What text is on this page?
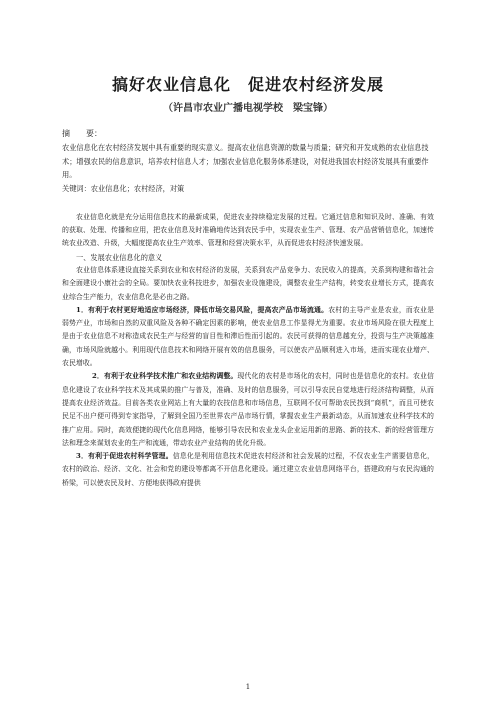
搞好农业信息化　促进农村经济发展
（许昌市农业广播电视学校　梁宝锋）
摘　　要：

农业信息化在农村经济发展中具有重要的现实意义。提高农业信息资源的数量与质量；研究和开发成熟的农业信息技术；增强农民的信息意识，培养农村信息人才；加强农业信息化服务体系建设，对促进我国农村经济发展具有重要作用。

关键词：农业信息化；农村经济，对策

农业信息化就是充分运用信息技术的最新成果，促进农业持续稳定发展的过程。它通过信息和知识及时、准确、有效的获取、处理、传播和应用，把农业信息及时准确地传达到农民手中，实现农业生产、管理、农产品营销信息化，加速传统农业改造、升级，大幅度提高农业生产效率、管理和经营决策水平，从而促进农村经济快速发展。

一、发展农业信息化的意义

农业信息体系建设直接关系到农业和农村经济的发展，关系到农产品竞争力、农民收入的提高，关系到构建和谐社会和全面建设小康社会的全局。要加快农业科技进步，加强农业设施建设，调整农业生产结构，转变农业增长方式，提高农业综合生产能力，农业信息化是必由之路。

1．有利于农村更好地适应市场经济，降低市场交易风险，提高农产品市场流通。农村的主导产业是农业，而农业是弱势产业，市场和自然的双重风险及各种不确定因素的影响，使农业信息工作显得尤为重要。农业市场风险在很大程度上是由于农业信息不对称造成农民生产与经营的盲目性和滞后性而引起的。农民可获得的信息越充分，投资与生产决策越准确，市场风险就越小。利用现代信息技术和网络开展有效的信息服务，可以使农产品顺利进入市场，进而实现农业增产、农民增收。

2．有利于农业科学技术推广和农业结构调整。现代化的农村是市场化的农村，同时也是信息化的农村。农业信息化建设了农业科学技术及其成果的推广与普及，准确、及时的信息服务，可以引导农民自觉地进行经济结构调整，从而提高农业经济效益。目前各类农业网站上有大量的农技信息和市场信息，互联网不仅可帮助农民找到“商机”，而且可使农民足不出户便可得到专家指导，了解到全国乃至世界农产品市场行情，掌握农业生产最新动态，从而加速农业科学技术的推广应用。同时，高效便捷的现代化信息网络，能够引导农民和农业龙头企业运用新的思路、新的技术、新的经营管理方法和理念来谋划农业的生产和流通，带动农业产业结构的优化升级。

3．有利于促进农村科学管理。信息化是利用信息技术促进农村经济和社会发展的过程，不仅农业生产需要信息化，农村的政治、经济、文化、社会和党的建设等都离不开信息化建设。通过建立农业信息网络平台，搭建政府与农民沟通的桥梁，可以使农民及时、方便地获得政府提供

1
